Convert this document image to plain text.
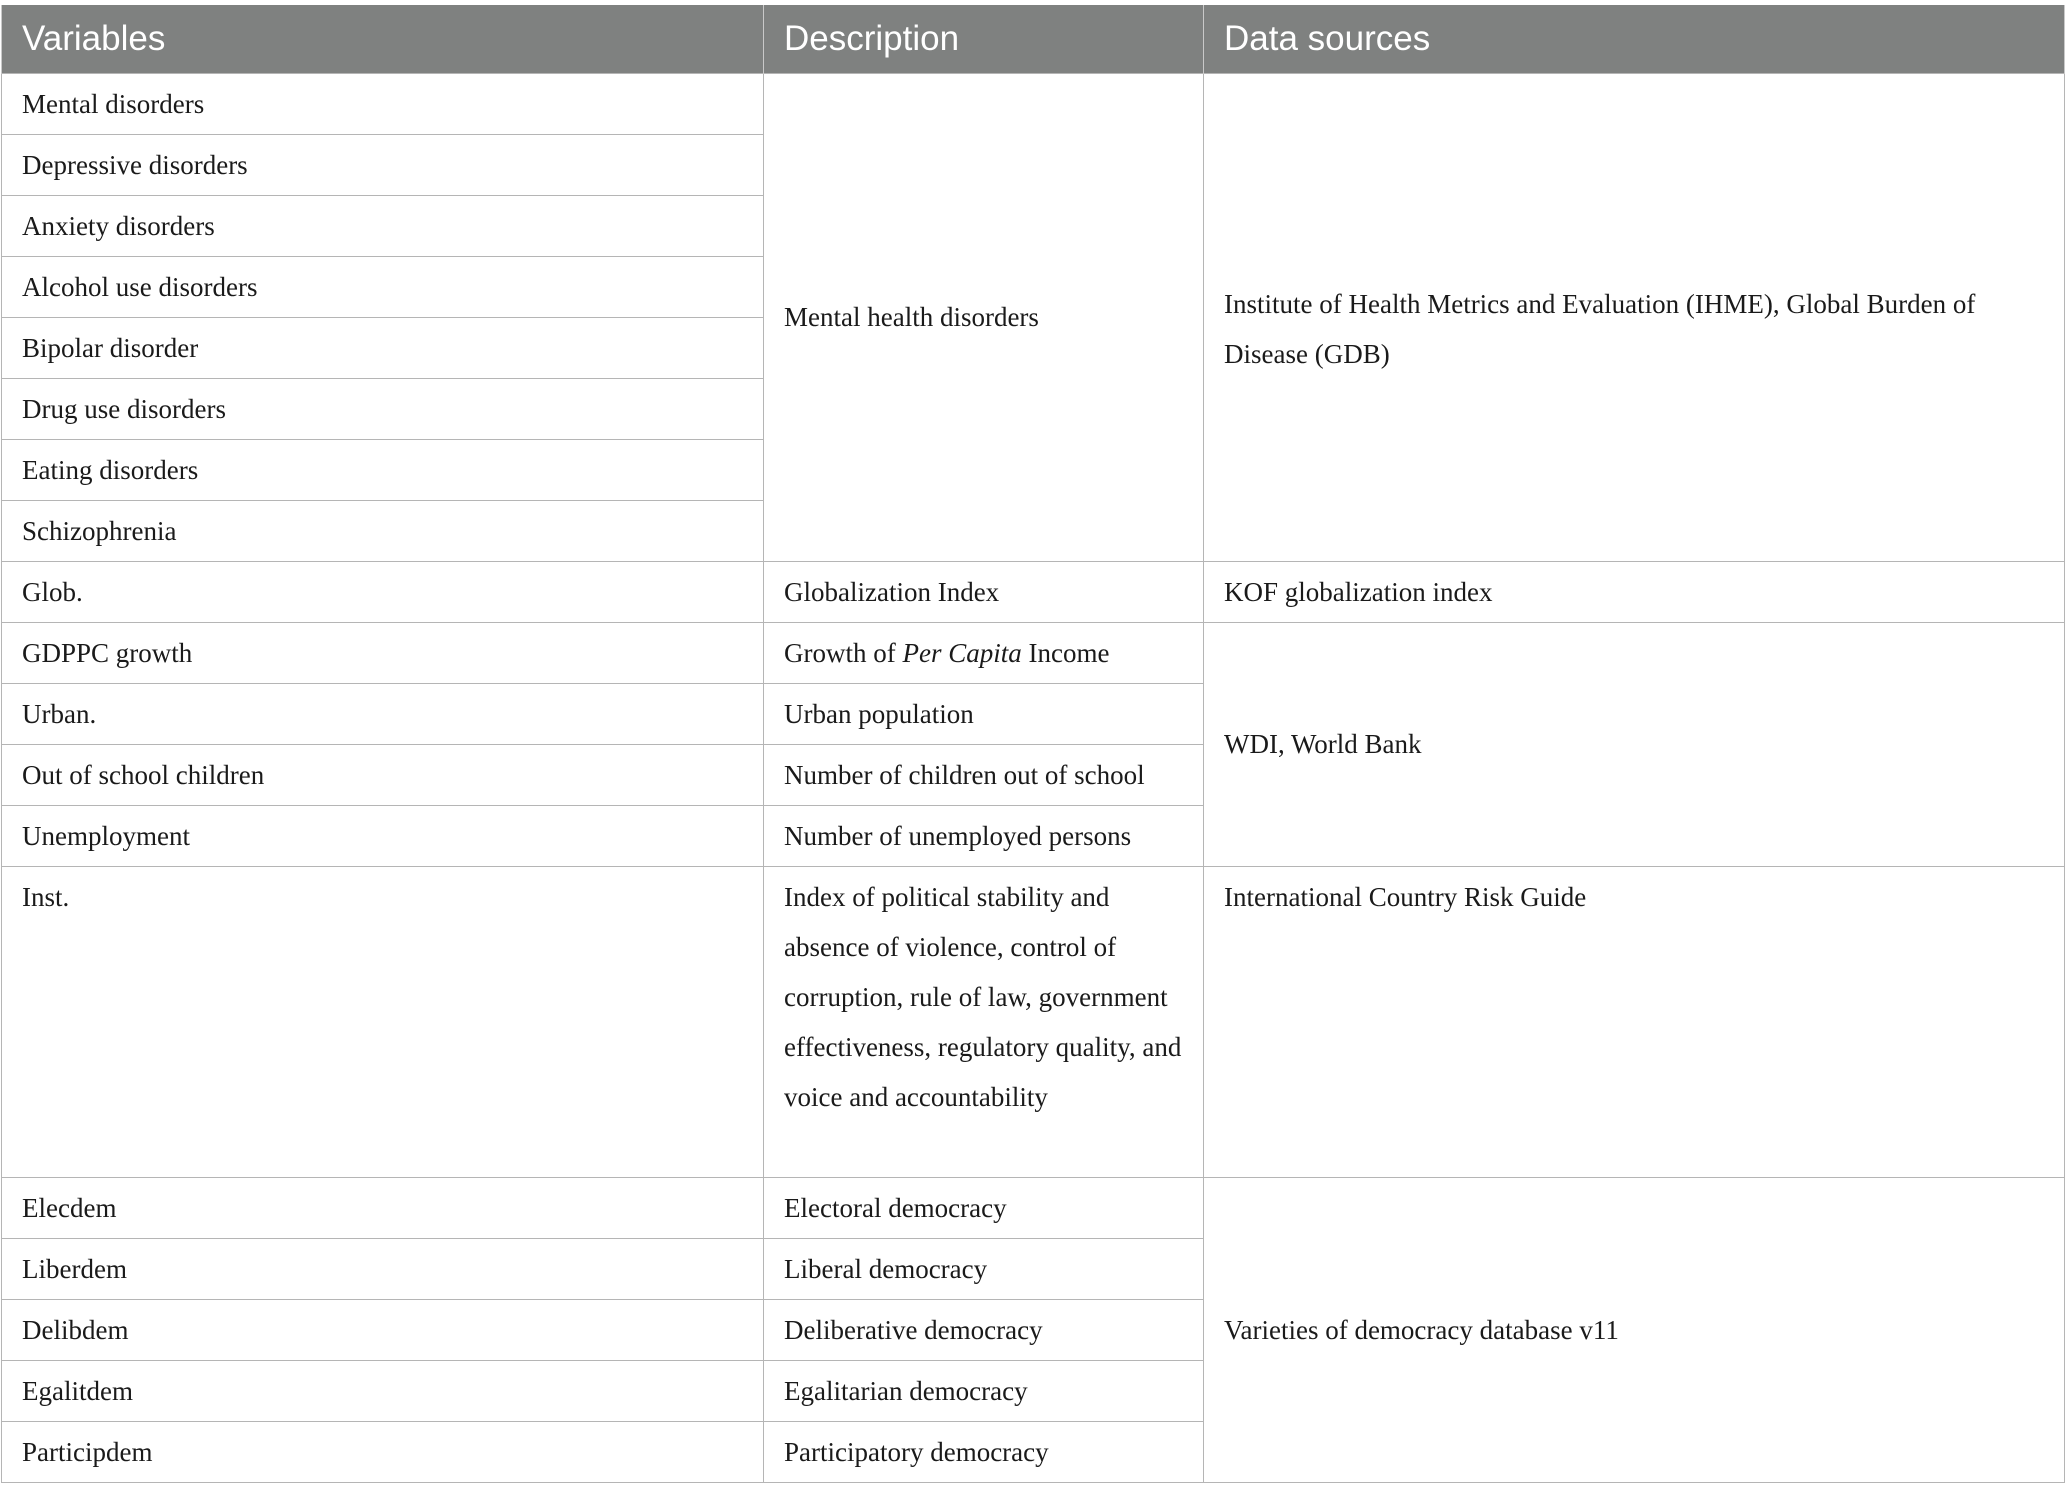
Variables	Description	Data sources
Mental disorders	Mental health disorders	Institute of Health Metrics and Evaluation (IHME), Global Burden of Disease (GDB)
Depressive disorders		
Anxiety disorders		
Alcohol use disorders		
Bipolar disorder		
Drug use disorders		
Eating disorders		
Schizophrenia		
Glob.	Globalization Index	KOF globalization index
GDPPC growth	Growth of Per Capita Income	WDI, World Bank
Urban.	Urban population	
Out of school children	Number of children out of school	
Unemployment	Number of unemployed persons	
Inst.	Index of political stability and absence of violence, control of corruption, rule of law, government effectiveness, regulatory quality, and voice and accountability	International Country Risk Guide
Elecdem	Electoral democracy	Varieties of democracy database v11
Liberdem	Liberal democracy	
Delibdem	Deliberative democracy	
Egalitdem	Egalitarian democracy	
Participdem	Participatory democracy	
